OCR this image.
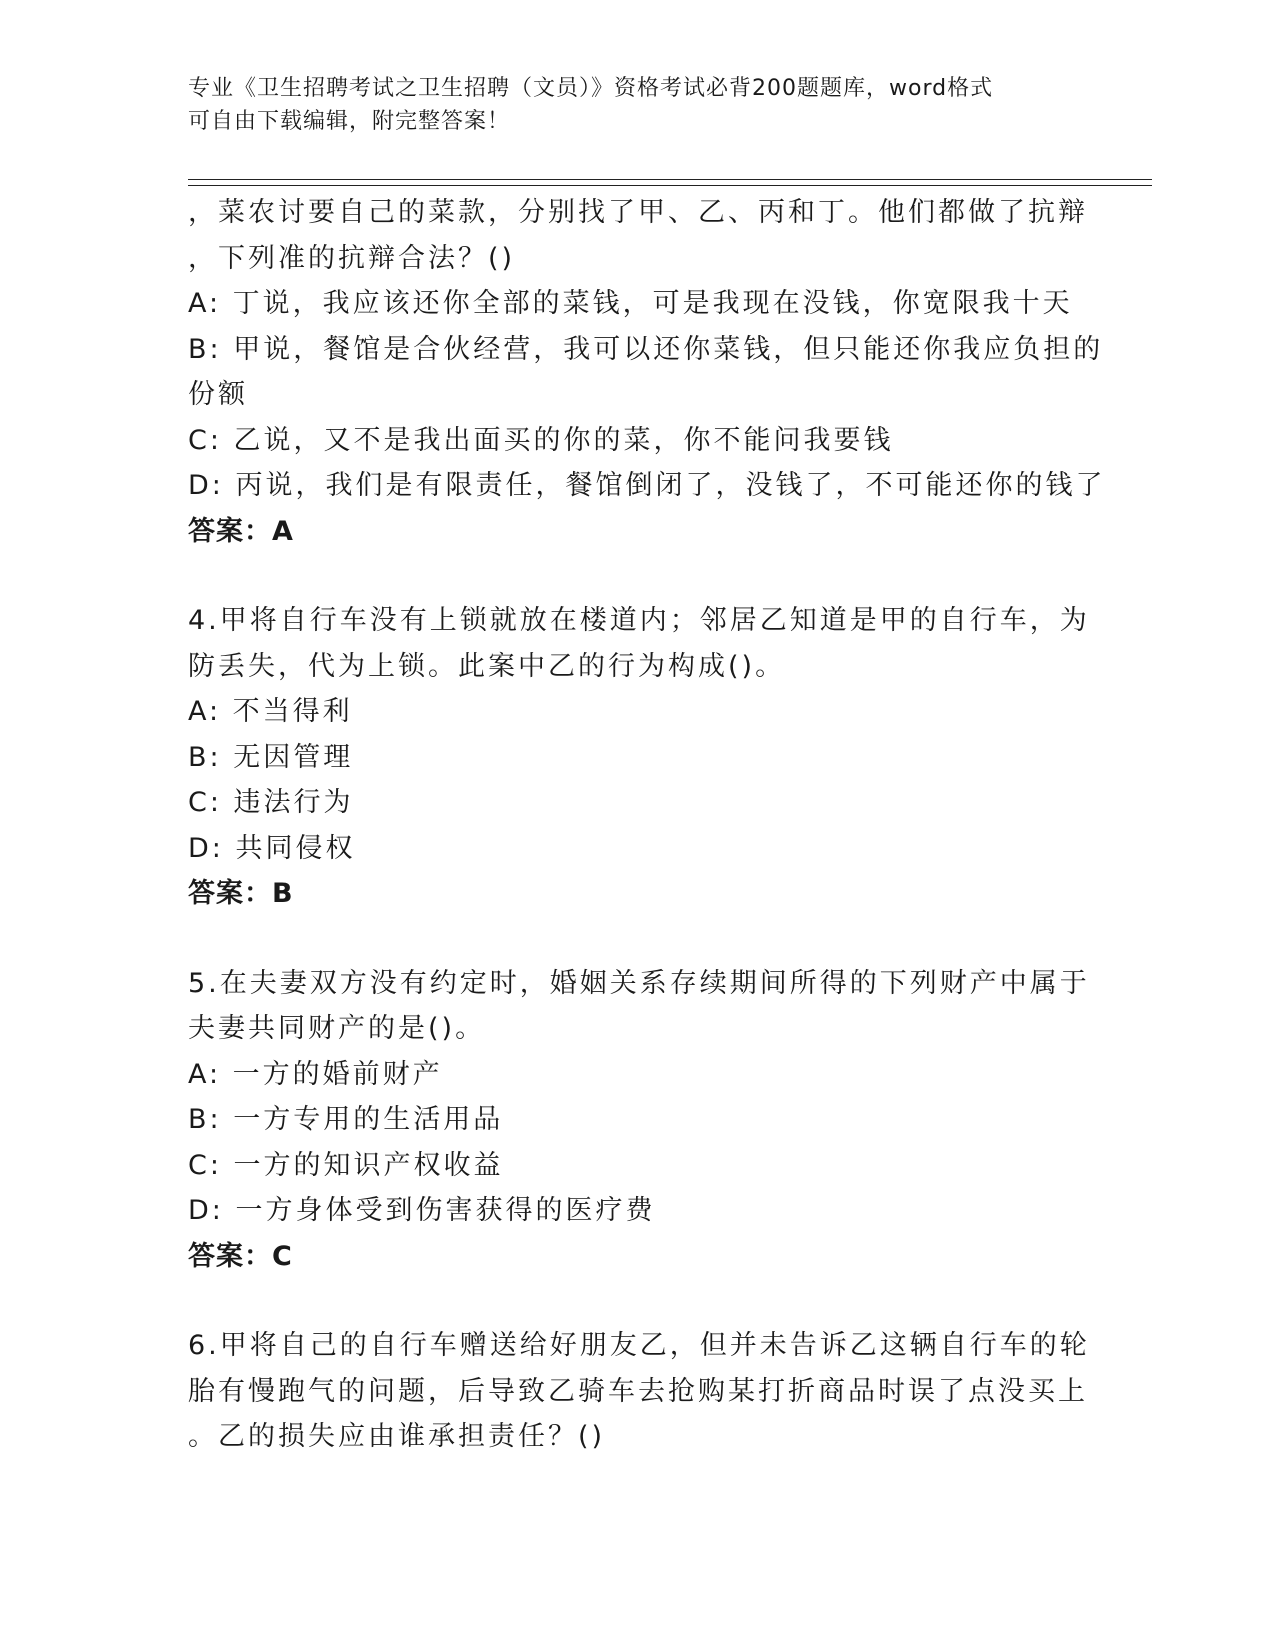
专业《卫生招聘考试之卫生招聘（文员）》资格考试必背200题题库，word格式
可自由下载编辑，附完整答案！
，菜农讨要自己的菜款，分别找了甲、乙、丙和丁。他们都做了抗辩
，下列准的抗辩合法？()
A: 丁说，我应该还你全部的菜钱，可是我现在没钱，你宽限我十天
B: 甲说，餐馆是合伙经营，我可以还你菜钱，但只能还你我应负担的
份额
C: 乙说，又不是我出面买的你的菜，你不能问我要钱
D: 丙说，我们是有限责任，餐馆倒闭了，没钱了，不可能还你的钱了
答案：A
4.甲将自行车没有上锁就放在楼道内；邻居乙知道是甲的自行车，为
防丢失，代为上锁。此案中乙的行为构成()。
A: 不当得利
B: 无因管理
C: 违法行为
D: 共同侵权
答案：B
5.在夫妻双方没有约定时，婚姻关系存续期间所得的下列财产中属于
夫妻共同财产的是()。
A: 一方的婚前财产
B: 一方专用的生活用品
C: 一方的知识产权收益
D: 一方身体受到伤害获得的医疗费
答案：C
6.甲将自己的自行车赠送给好朋友乙，但并未告诉乙这辆自行车的轮
胎有慢跑气的问题，后导致乙骑车去抢购某打折商品时误了点没买上
。乙的损失应由谁承担责任？()
